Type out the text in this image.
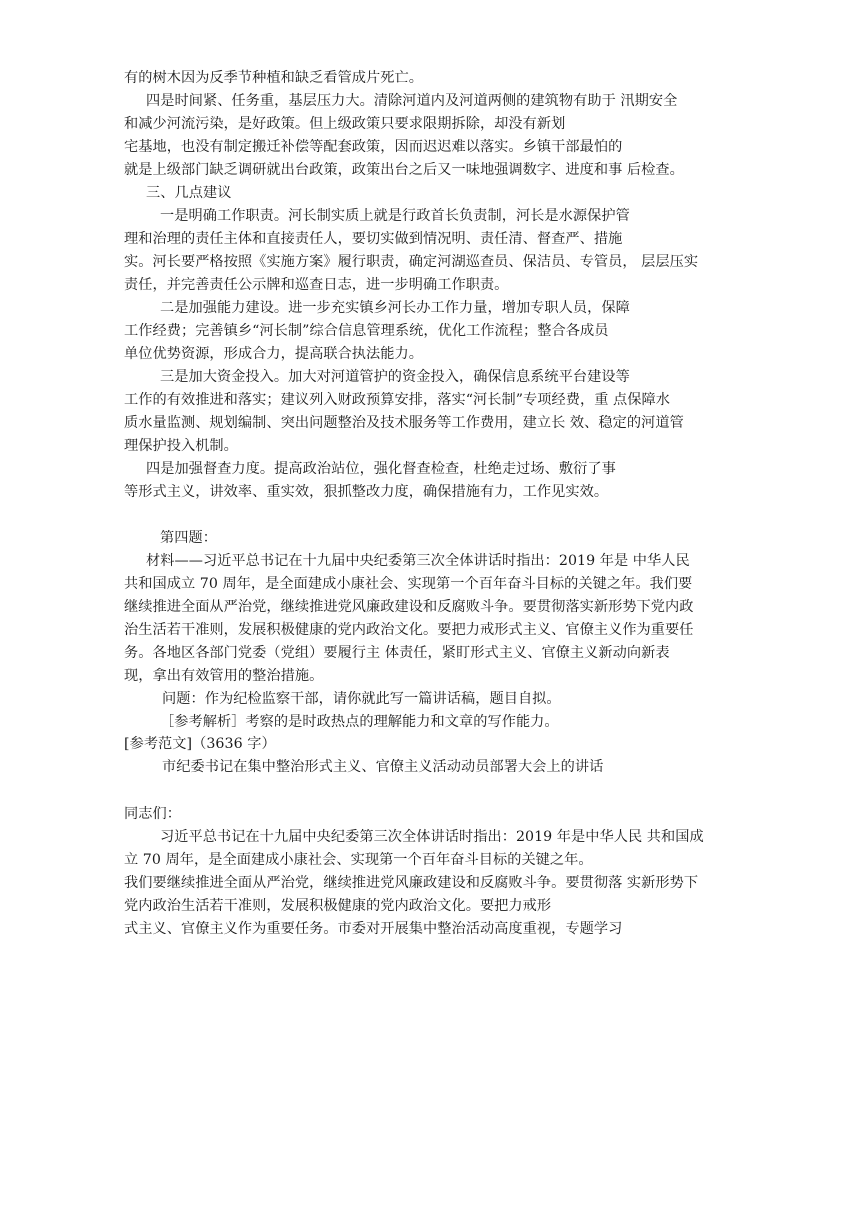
有的树木因为反季节种植和缺乏看管成片死亡。
四是时间紧、任务重，基层压力大。清除河道内及河道两侧的建筑物有助于 汛期安全
和减少河流污染，是好政策。但上级政策只要求限期拆除，却没有新划
宅基地，也没有制定搬迁补偿等配套政策，因而迟迟难以落实。乡镇干部最怕的
就是上级部门缺乏调研就出台政策，政策出台之后又一味地强调数字、进度和事 后检查。
三、几点建议
一是明确工作职责。河长制实质上就是行政首长负责制，河长是水源保护管
理和治理的责任主体和直接责任人，要切实做到情况明、责任清、督查严、措施
实。河长要严格按照《实施方案》履行职责，确定河湖巡查员、保洁员、专管员， 层层压实
责任，并完善责任公示牌和巡查日志，进一步明确工作职责。
二是加强能力建设。进一步充实镇乡河长办工作力量，增加专职人员，保障
工作经费；完善镇乡“河长制”综合信息管理系统，优化工作流程；整合各成员
单位优势资源，形成合力，提高联合执法能力。
三是加大资金投入。加大对河道管护的资金投入，确保信息系统平台建设等
工作的有效推进和落实；建议列入财政预算安排，落实“河长制”专项经费，重 点保障水
质水量监测、规划编制、突出问题整治及技术服务等工作费用，建立长 效、稳定的河道管
理保护投入机制。
四是加强督查力度。提高政治站位，强化督查检查，杜绝走过场、敷衍了事
等形式主义，讲效率、重实效，狠抓整改力度，确保措施有力，工作见实效。
第四题：
材料——习近平总书记在十九届中央纪委第三次全体讲话时指出：2019 年是 中华人民
共和国成立 70 周年，是全面建成小康社会、实现第一个百年奋斗目标的关键之年。我们要
继续推进全面从严治党，继续推进党风廉政建设和反腐败斗争。要贯彻落实新形势下党内政
治生活若干准则，发展积极健康的党内政治文化。要把力戒形式主义、官僚主义作为重要任
务。各地区各部门党委（党组）要履行主 体责任，紧盯形式主义、官僚主义新动向新表
现，拿出有效管用的整治措施。
问题：作为纪检监察干部，请你就此写一篇讲话稿，题目自拟。
［参考解析］考察的是时政热点的理解能力和文章的写作能力。
[参考范文]（3636 字）
市纪委书记在集中整治形式主义、官僚主义活动动员部署大会上的讲话
同志们：
习近平总书记在十九届中央纪委第三次全体讲话时指出：2019 年是中华人民 共和国成
立 70 周年，是全面建成小康社会、实现第一个百年奋斗目标的关键之年。
我们要继续推进全面从严治党，继续推进党风廉政建设和反腐败斗争。要贯彻落 实新形势下
党内政治生活若干准则，发展积极健康的党内政治文化。要把力戒形
式主义、官僚主义作为重要任务。市委对开展集中整治活动高度重视，专题学习
